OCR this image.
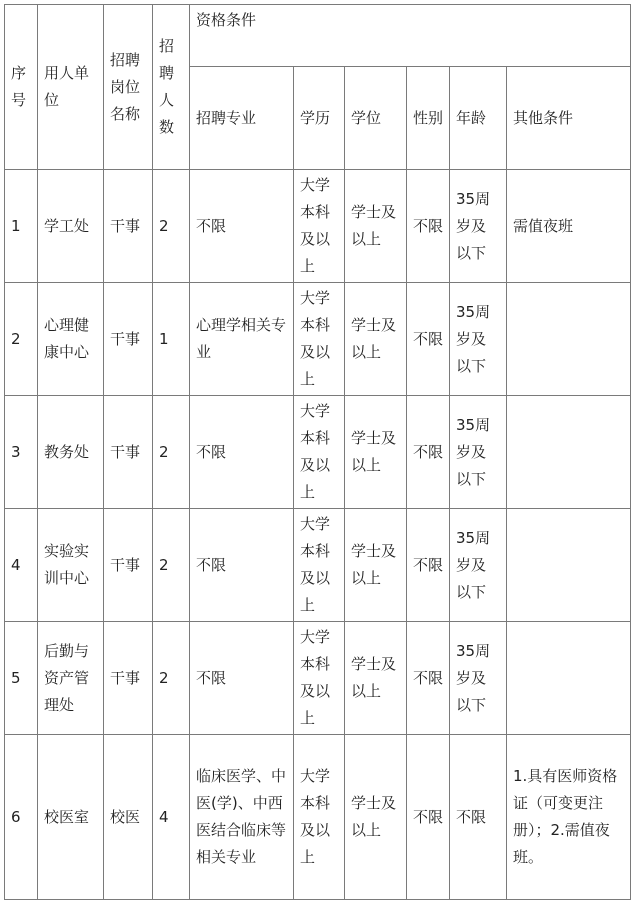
序号	用人单位	招聘岗位名称	招聘人数	资格条件					
				招聘专业	学历	学位	性别	年龄	其他条件
1	学工处	干事	2	不限	大学本科及以上	学士及以上	不限	35周岁及以下	需值夜班
2	心理健康中心	干事	1	心理学相关专业	大学本科及以上	学士及以上	不限	35周岁及以下	
3	教务处	干事	2	不限	大学本科及以上	学士及以上	不限	35周岁及以下	
4	实验实训中心	干事	2	不限	大学本科及以上	学士及以上	不限	35周岁及以下	
5	后勤与资产管理处	干事	2	不限	大学本科及以上	学士及以上	不限	35周岁及以下	
6	校医室	校医	4	临床医学、中医(学)、中西医结合临床等相关专业	大学本科及以上	学士及以上	不限	不限	1.具有医师资格证（可变更注册）；2.需值夜班。
